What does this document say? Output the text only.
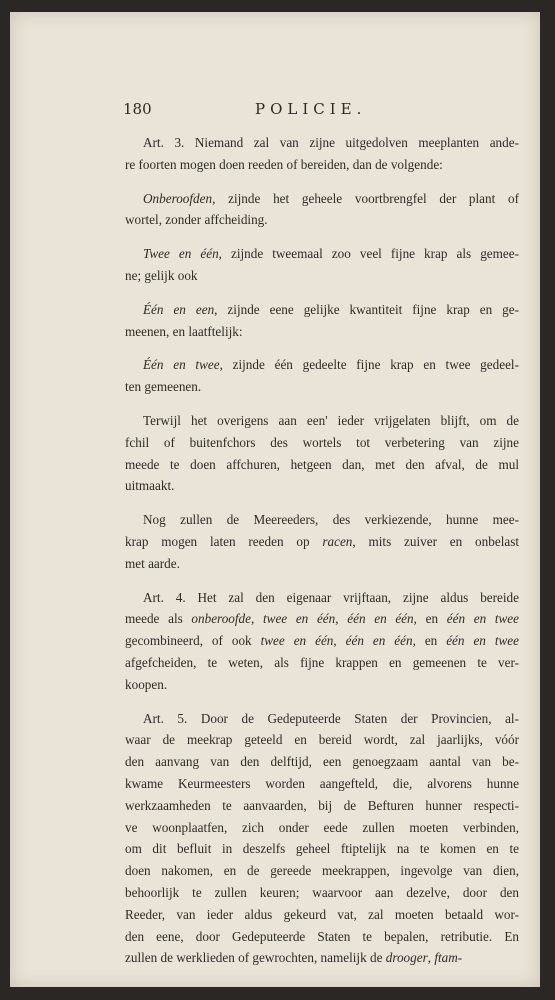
180	POLICIE.

Art. 3. Niemand zal van zijne uitgedolven meeplanten ande-
re foorten mogen doen reeden of bereiden, dan de volgende:

Onberoofden, zijnde het geheele voortbrengfel der plant of
wortel, zonder affcheiding.

Twee en één, zijnde tweemaal zoo veel fijne krap als gemee-
ne; gelijk ook

Één en een, zijnde eene gelijke kwantiteit fijne krap en ge-
meenen, en laatftelijk:

Één en twee, zijnde één gedeelte fijne krap en twee gedeel-
ten gemeenen.

Terwijl het overigens aan een' ieder vrijgelaten blijft, om de
fchil of buitenfchors des wortels tot verbetering van zijne
meede te doen affchuren, hetgeen dan, met den afval, de mul
uitmaakt.

Nog zullen de Meereeders, des verkiezende, hunne mee-
krap mogen laten reeden op racen, mits zuiver en onbelast
met aarde.

Art. 4. Het zal den eigenaar vrijftaan, zijne aldus bereide
meede als onberoofde, twee en één, één en één, en één en twee
gecombineerd, of ook twee en één, één en één, en één en twee
afgefcheiden, te weten, als fijne krappen en gemeenen te ver-
koopen.

Art. 5. Door de Gedeputeerde Staten der Provincien, al-
waar de meekrap geteeld en bereid wordt, zal jaarlijks, vóór
den aanvang van den delftijd, een genoegzaam aantal van be-
kwame Keurmeesters worden aangefteld, die, alvorens hunne
werkzaamheden te aanvaarden, bij de Befturen hunner respecti-
ve woonplaatfen, zich onder eede zullen moeten verbinden,
om dit befluit in deszelfs geheel ftiptelijk na te komen en te
doen nakomen, en de gereede meekrappen, ingevolge van dien,
behoorlijk te zullen keuren; waarvoor aan dezelve, door den
Reeder, van ieder aldus gekeurd vat, zal moeten betaald wor-
den eene, door Gedeputeerde Staten te bepalen, retributie. En
zullen de werklieden of gewrochten, namelijk de drooger, ftam-
